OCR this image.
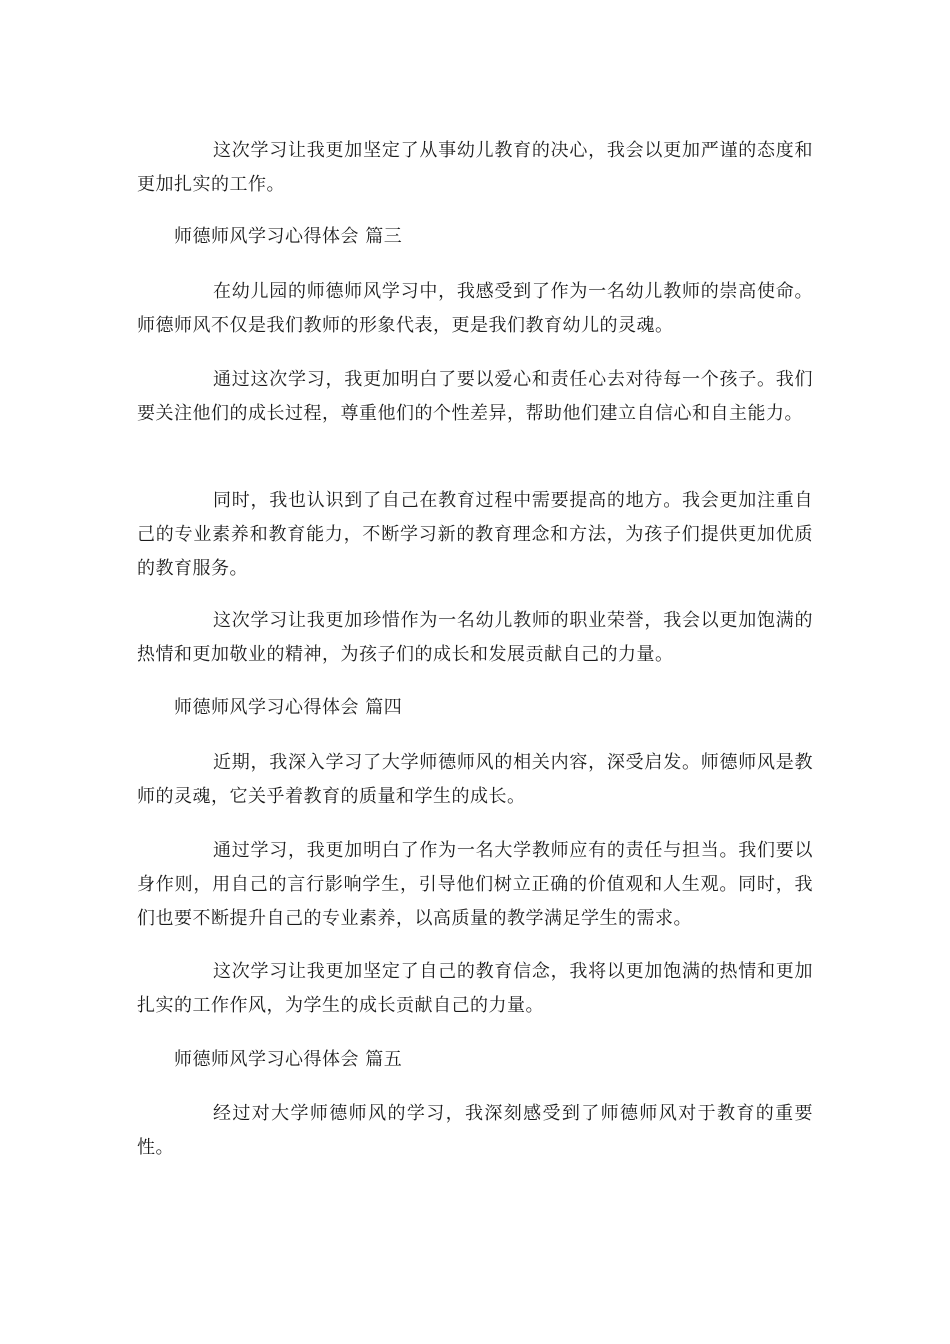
这次学习让我更加坚定了从事幼儿教育的决心，我会以更加严谨的态度和更加扎实的工作。

师德师风学习心得体会 篇三

在幼儿园的师德师风学习中，我感受到了作为一名幼儿教师的崇高使命。师德师风不仅是我们教师的形象代表，更是我们教育幼儿的灵魂。

通过这次学习，我更加明白了要以爱心和责任心去对待每一个孩子。我们要关注他们的成长过程，尊重他们的个性差异，帮助他们建立自信心和自主能力。

同时，我也认识到了自己在教育过程中需要提高的地方。我会更加注重自己的专业素养和教育能力，不断学习新的教育理念和方法，为孩子们提供更加优质的教育服务。

这次学习让我更加珍惜作为一名幼儿教师的职业荣誉，我会以更加饱满的热情和更加敬业的精神，为孩子们的成长和发展贡献自己的力量。

师德师风学习心得体会 篇四

近期，我深入学习了大学师德师风的相关内容，深受启发。师德师风是教师的灵魂，它关乎着教育的质量和学生的成长。

通过学习，我更加明白了作为一名大学教师应有的责任与担当。我们要以身作则，用自己的言行影响学生，引导他们树立正确的价值观和人生观。同时，我们也要不断提升自己的专业素养，以高质量的教学满足学生的需求。

这次学习让我更加坚定了自己的教育信念，我将以更加饱满的热情和更加扎实的工作作风，为学生的成长贡献自己的力量。

师德师风学习心得体会 篇五

经过对大学师德师风的学习，我深刻感受到了师德师风对于教育的重要性。
